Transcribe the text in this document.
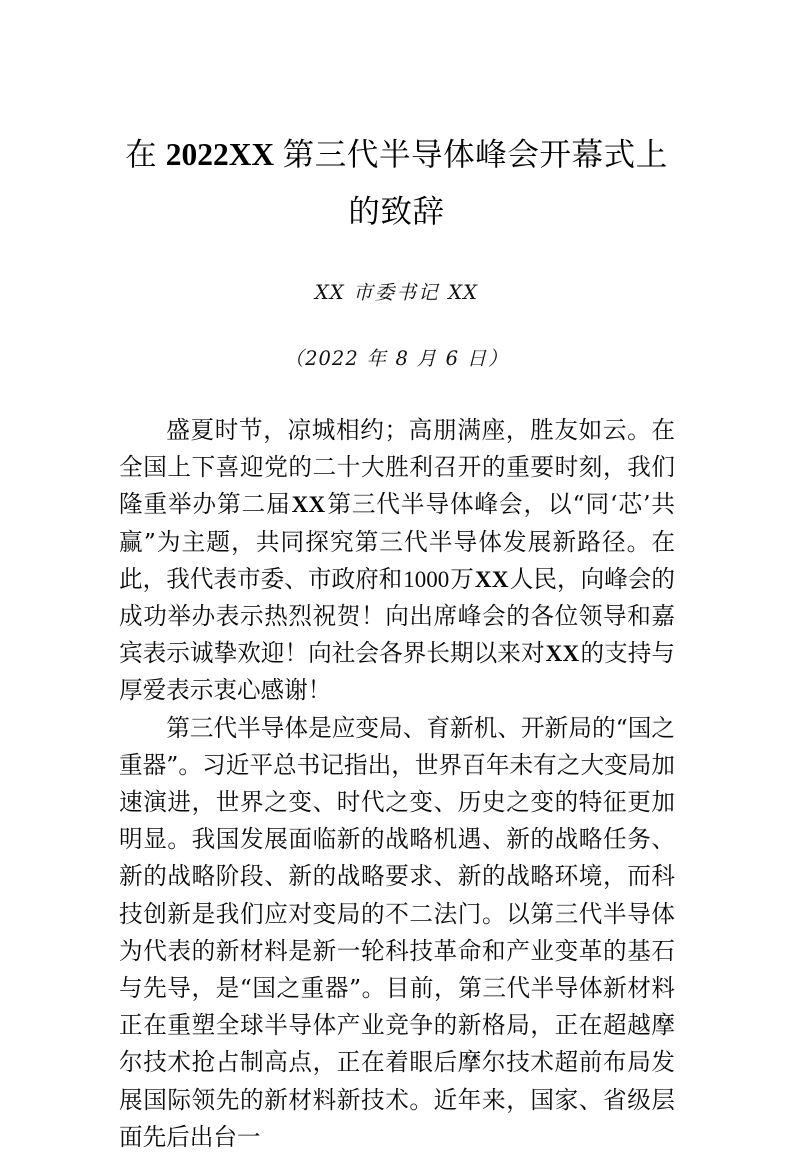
在 2022XX 第三代半导体峰会开幕式上的致辞

XX 市委书记 XX

（2022 年 8 月 6 日）

盛夏时节，凉城相约；高朋满座，胜友如云。在全国上下喜迎党的二十大胜利召开的重要时刻，我们隆重举办第二届XX第三代半导体峰会，以“同‘芯’共赢”为主题，共同探究第三代半导体发展新路径。在此，我代表市委、市政府和1000万XX人民，向峰会的成功举办表示热烈祝贺！向出席峰会的各位领导和嘉宾表示诚挚欢迎！向社会各界长期以来对XX的支持与厚爱表示衷心感谢！

第三代半导体是应变局、育新机、开新局的“国之重器”。习近平总书记指出，世界百年未有之大变局加速演进，世界之变、时代之变、历史之变的特征更加明显。我国发展面临新的战略机遇、新的战略任务、新的战略阶段、新的战略要求、新的战略环境，而科技创新是我们应对变局的不二法门。以第三代半导体为代表的新材料是新一轮科技革命和产业变革的基石与先导，是“国之重器”。目前，第三代半导体新材料正在重塑全球半导体产业竞争的新格局，正在超越摩尔技术抢占制高点，正在着眼后摩尔技术超前布局发展国际领先的新材料新技术。近年来，国家、省级层面先后出台一
